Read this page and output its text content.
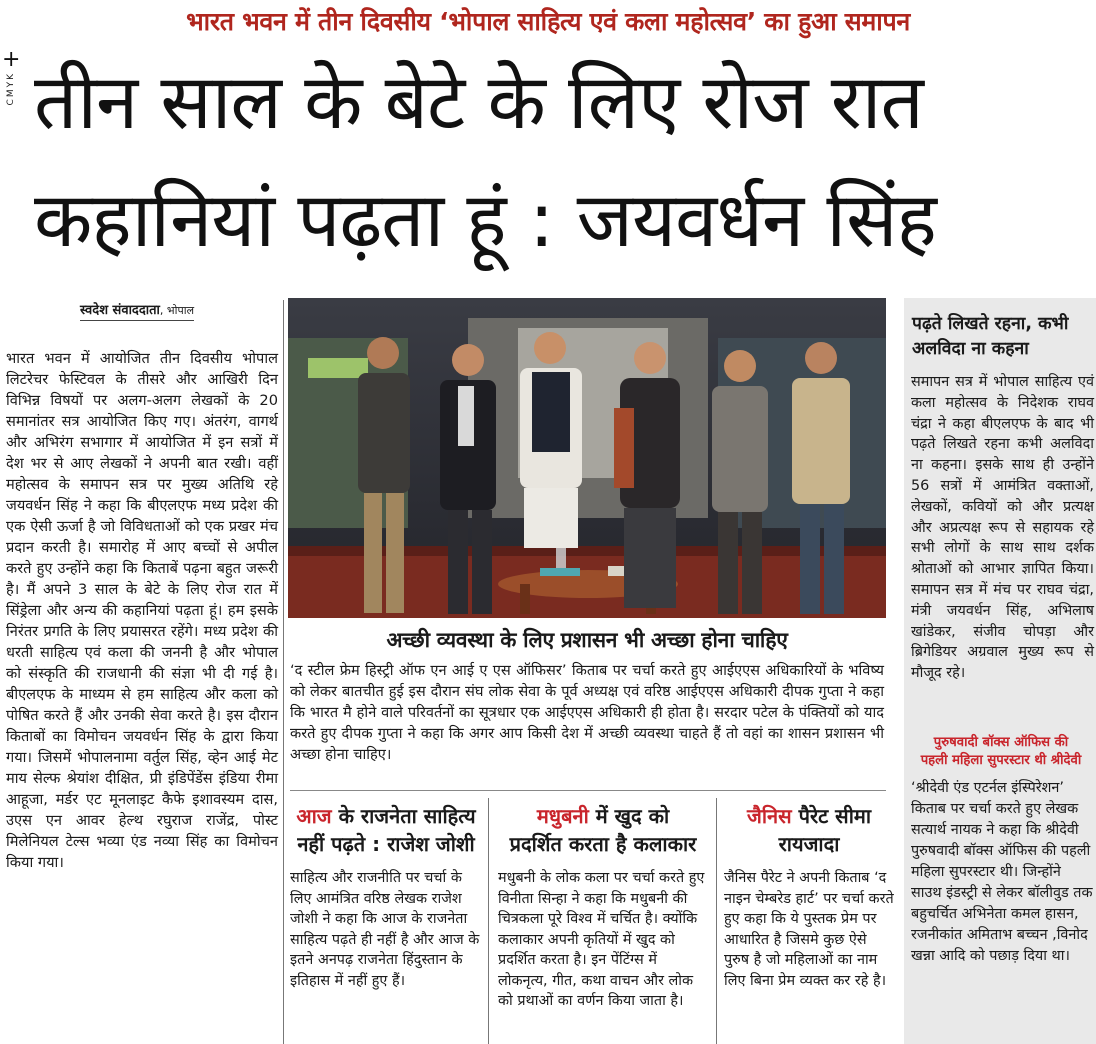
भारत भवन में तीन दिवसीय ‘भोपाल साहित्य एवं कला महोत्सव’ का हुआ समापन
+
CMYK तीन साल के बेटे के लिए रोज रात
कहानियां पढ़ता हूं : जयवर्धन सिंह
स्वदेश संवाददाता, भोपाल

भारत भवन में आयोजित तीन दिवसीय भोपाल लिटरेचर फेस्टिवल के तीसरे और आखिरी दिन विभिन्न विषयों पर अलग-अलग लेखकों के 20 समानांतर सत्र आयोजित किए गए। अंतरंग, वागर्थ और अभिरंग सभागार में आयोजित में इन सत्रों में देश भर से आए लेखकों ने अपनी बात रखी। वहीं महोत्सव के समापन सत्र पर मुख्य अतिथि रहे जयवर्धन सिंह ने कहा कि बीएलएफ मध्य प्रदेश की एक ऐसी ऊर्जा है जो विविधताओं को एक प्रखर मंच प्रदान करती है। समारोह में आए बच्चों से अपील करते हुए उन्होंने कहा कि किताबें पढ़ना बहुत जरूरी है। मैं अपने 3 साल के बेटे के लिए रोज रात में सिंड्रेला और अन्य की कहानियां पढ़ता हूं। हम इसके निरंतर प्रगति के लिए प्रयासरत रहेंगे। मध्य प्रदेश की धरती साहित्य एवं कला की जननी है और भोपाल को संस्कृति की राजधानी की संज्ञा भी दी गई है। बीएलएफ के माध्यम से हम साहित्य और कला को पोषित करते हैं और उनकी सेवा करते है। इस दौरान किताबों का विमोचन जयवर्धन सिंह के द्वारा किया गया। जिसमें भोपालनामा वर्तुल सिंह, व्हेन आई मेट माय सेल्फ श्रेयांश दीक्षित, प्री इंडिपेंडेंस इंडिया रीमा आहूजा, मर्डर एट मूनलाइट कैफे इशावस्यम दास, उएस एन आवर हेल्थ रघुराज राजेंद्र, पोस्ट मिलेनियल टेल्स भव्या एंड नव्या सिंह का विमोचन किया गया।

अच्छी व्यवस्था के लिए प्रशासन भी अच्छा होना चाहिए

‘द स्टील फ्रेम हिस्ट्री ऑफ एन आई ए एस ऑफिसर’ किताब पर चर्चा करते हुए आईएएस अधिकारियों के भविष्य को लेकर बातचीत हुई इस दौरान संघ लोक सेवा के पूर्व अध्यक्ष एवं वरिष्ठ आईएएस अधिकारी दीपक गुप्ता ने कहा कि भारत मै होने वाले परिवर्तनों का सूत्रधार एक आईएएस अधिकारी ही होता है। सरदार पटेल के पंक्तियों को याद करते हुए दीपक गुप्ता ने कहा कि अगर आप किसी देश में अच्छी व्यवस्था चाहते हैं तो वहां का शासन प्रशासन भी अच्छा होना चाहिए।

आज के राजनेता साहित्य
नहीं पढ़ते : राजेश जोशी

साहित्य और राजनीति पर चर्चा के लिए आमंत्रित वरिष्ठ लेखक राजेश जोशी ने कहा कि आज के राजनेता साहित्य पढ़ते ही नहीं है और आज के इतने अनपढ़ राजनेता हिंदुस्तान के इतिहास में नहीं हुए हैं।

मधुबनी में खुद को
प्रदर्शित करता है कलाकार

मधुबनी के लोक कला पर चर्चा करते हुए विनीता सिन्हा ने कहा कि मधुबनी की चित्रकला पूरे विश्व में चर्चित है। क्योंकि कलाकार अपनी कृतियों में खुद को प्रदर्शित करता है। इन पेंटिंग्स में लोकनृत्य, गीत, कथा वाचन और लोक को प्रथाओं का वर्णन किया जाता है।

जैनिस पैरेट सीमा
रायजादा

जैनिस पैरेट ने अपनी किताब ‘द नाइन चेम्बरेड हार्ट’ पर चर्चा करते हुए कहा कि ये पुस्तक प्रेम पर आधारित है जिसमे कुछ ऐसे पुरुष है जो महिलाओं का नाम लिए बिना प्रेम व्यक्त कर रहे है।

पढ़ते लिखते रहना, कभी
अलविदा ना कहना

समापन सत्र में भोपाल साहित्य एवं कला महोत्सव के निदेशक राघव चंद्रा ने कहा बीएलएफ के बाद भी पढ़ते लिखते रहना कभी अलविदा ना कहना। इसके साथ ही उन्होंने 56 सत्रों में आमंत्रित वक्ताओं, लेखकों, कवियों को और प्रत्यक्ष और अप्रत्यक्ष रूप से सहायक रहे सभी लोगों के साथ साथ दर्शक श्रोताओं को आभार ज्ञापित किया। समापन सत्र में मंच पर राघव चंद्रा, मंत्री जयवर्धन सिंह, अभिलाष खांडेकर, संजीव चोपड़ा और ब्रिगेडियर अग्रवाल मुख्य रूप से मौजूद रहे।

पुरुषवादी बॉक्स ऑफिस की
पहली महिला सुपरस्टार थी श्रीदेवी

‘श्रीदेवी एंड एटर्नल इंस्पिरेशन’ किताब पर चर्चा करते हुए लेखक सत्यार्थ नायक ने कहा कि श्रीदेवी पुरुषवादी बॉक्स ऑफिस की पहली महिला सुपरस्टार थी। जिन्होंने साउथ इंडस्ट्री से लेकर बॉलीवुड तक बहुचर्चित अभिनेता कमल हासन, रजनीकांत अमिताभ बच्चन ,विनोद खन्ना आदि को पछाड़ दिया था।
